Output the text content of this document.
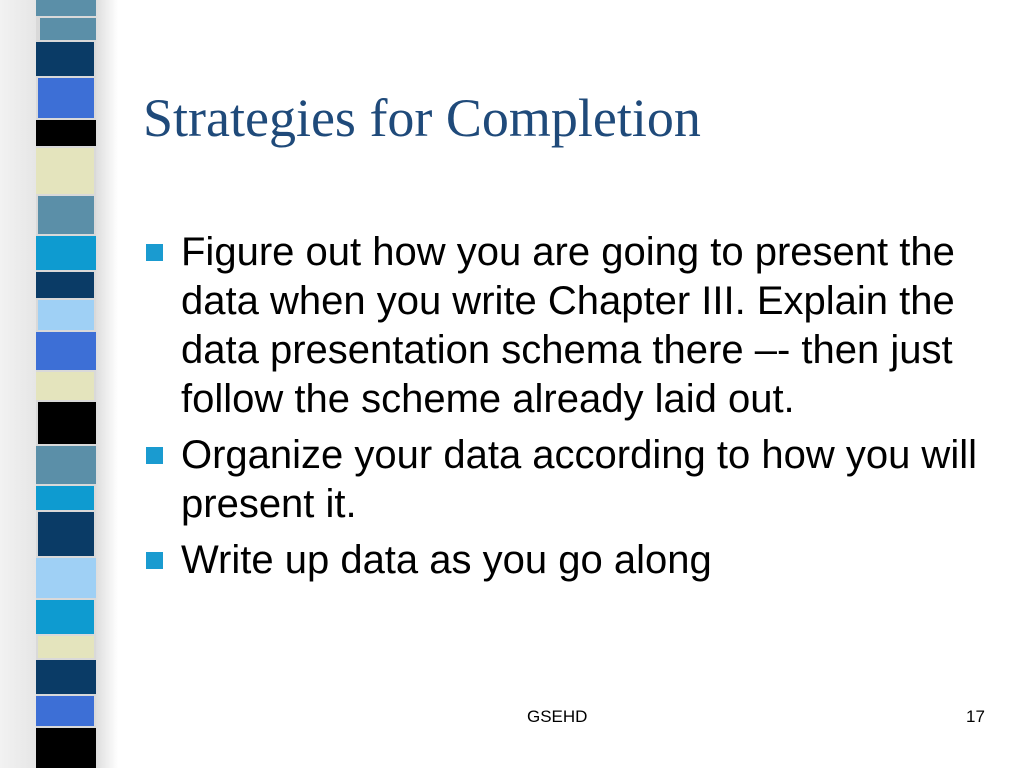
Strategies for Completion
Figure out how you are going to present the data when you write Chapter III. Explain the data presentation schema there –- then just follow the scheme already laid out.
Organize your data according to how you will present it.
Write up data as you go along
GSEHD	17
